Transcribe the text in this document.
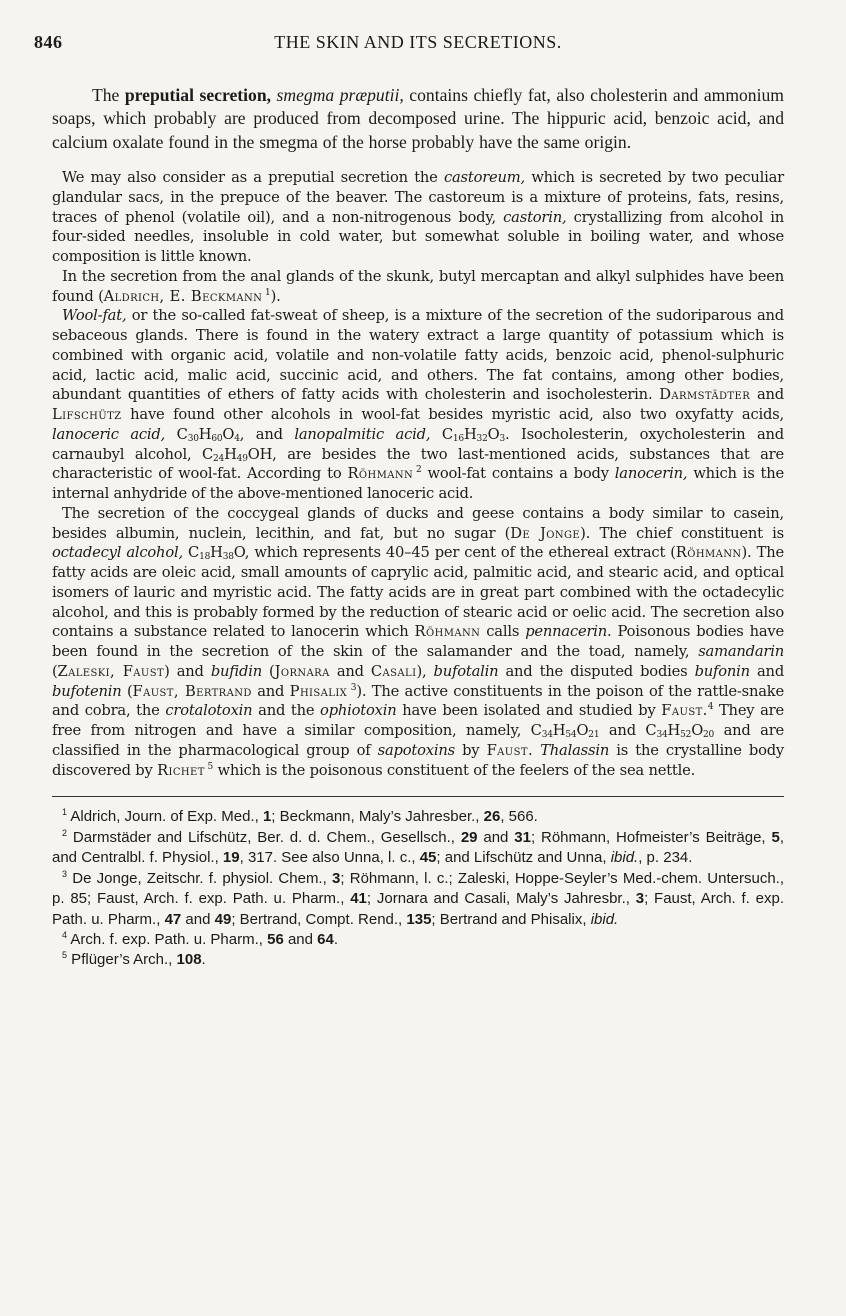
846	THE SKIN AND ITS SECRETIONS.
The preputial secretion, smegma præputii, contains chiefly fat, also cholesterin and ammonium soaps, which probably are produced from decomposed urine. The hippuric acid, benzoic acid, and calcium oxalate found in the smegma of the horse probably have the same origin.

We may also consider as a preputial secretion the castoreum, which is secreted by two peculiar glandular sacs, in the prepuce of the beaver. The castoreum is a mixture of proteins, fats, resins, traces of phenol (volatile oil), and a non-nitrogenous body, castorin, crystallizing from alcohol in four-sided needles, insoluble in cold water, but somewhat soluble in boiling water, and whose composition is little known.

In the secretion from the anal glands of the skunk, butyl mercaptan and alkyl sulphides have been found (Aldrich, E. Beckmann  $^1$).

Wool-fat, or the so-called fat-sweat of sheep, is a mixture of the secretion of the sudoriparous and sebaceous glands. There is found in the watery extract a large quantity of potassium which is combined with organic acid, volatile and non-volatile fatty acids, benzoic acid, phenol-sulphuric acid, lactic acid, malic acid, succinic acid, and others. The fat contains, among other bodies, abundant quantities of ethers of fatty acids with cholesterin and isocholesterin. Darmstädter and Lifschütz have found other alcohols in wool-fat besides myristic acid, also two oxyfatty acids, lanoceric acid, $C_{30}H_{60}O_4$, and lanopalmitic acid, $C_{16}H_{32}O_3$. Isocholesterin, oxycholesterin and carnaubyl alcohol, $C_{24}H_{49}OH$, are besides the two last-mentioned acids, substances that are characteristic of wool-fat. According to Röhmann  $^2$ wool-fat contains a body lanocerin, which is the internal anhydride of the above-mentioned lanoceric acid.

The secretion of the coccygeal glands of ducks and geese contains a body similar to casein, besides albumin, nuclein, lecithin, and fat, but no sugar (De Jonge). The chief constituent is octadecyl alcohol, $C_{18}H_{38}O$, which represents 40–45 per cent of the ethereal extract (Röhmann). The fatty acids are oleic acid, small amounts of caprylic acid, palmitic acid, and stearic acid, and optical isomers of lauric and myristic acid. The fatty acids are in great part combined with the octadecylic alcohol, and this is probably formed by the reduction of stearic acid or oelic acid. The secretion also contains a substance related to lanocerin which Röhmann calls pennacerin. Poisonous bodies have been found in the secretion of the skin of the salamander and the toad, namely, samandarin (Zaleski, Faust) and bufidin (Jornara and Casali), bufotalin and the disputed bodies bufonin and bufotenin (Faust, Bertrand and Phisalix $^3$). The active constituents in the poison of the rattle-snake and cobra, the crotalotoxin and the ophiotoxin have been isolated and studied by Faust.$^4$ They are free from nitrogen and have a similar composition, namely, $C_{34}H_{54}O_{21}$ and $C_{34}H_{52}O_{20}$ and are classified in the pharmacological group of sapotoxins by Faust. Thalassin is the crystalline body discovered by Richet $^5$ which is the poisonous constituent of the feelers of the sea nettle.

$^1$ Aldrich, Journ. of Exp. Med., 1; Beckmann, Maly’s Jahresber., 26, 566.

$^2$ Darmstäder and Lifschütz, Ber. d. d. Chem., Gesellsch., 29 and 31; Röhmann, Hofmeister’s Beiträge, 5, and Centralbl. f. Physiol., 19, 317. See also Unna, l. c., 45; and Lifschütz and Unna, ibid., p. 234.

$^3$ De Jonge, Zeitschr. f. physiol. Chem., 3; Röhmann, l. c.; Zaleski, Hoppe-Seyler’s Med.-chem. Untersuch., p. 85; Faust, Arch. f. exp. Path. u. Pharm., 41; Jornara and Casali, Maly’s Jahresbr., 3; Faust, Arch. f. exp. Path. u. Pharm., 47 and 49; Bertrand, Compt. Rend., 135; Bertrand and Phisalix, ibid.

$^4$ Arch. f. exp. Path. u. Pharm., 56 and 64.

$^5$ Pflüger’s Arch., 108.
